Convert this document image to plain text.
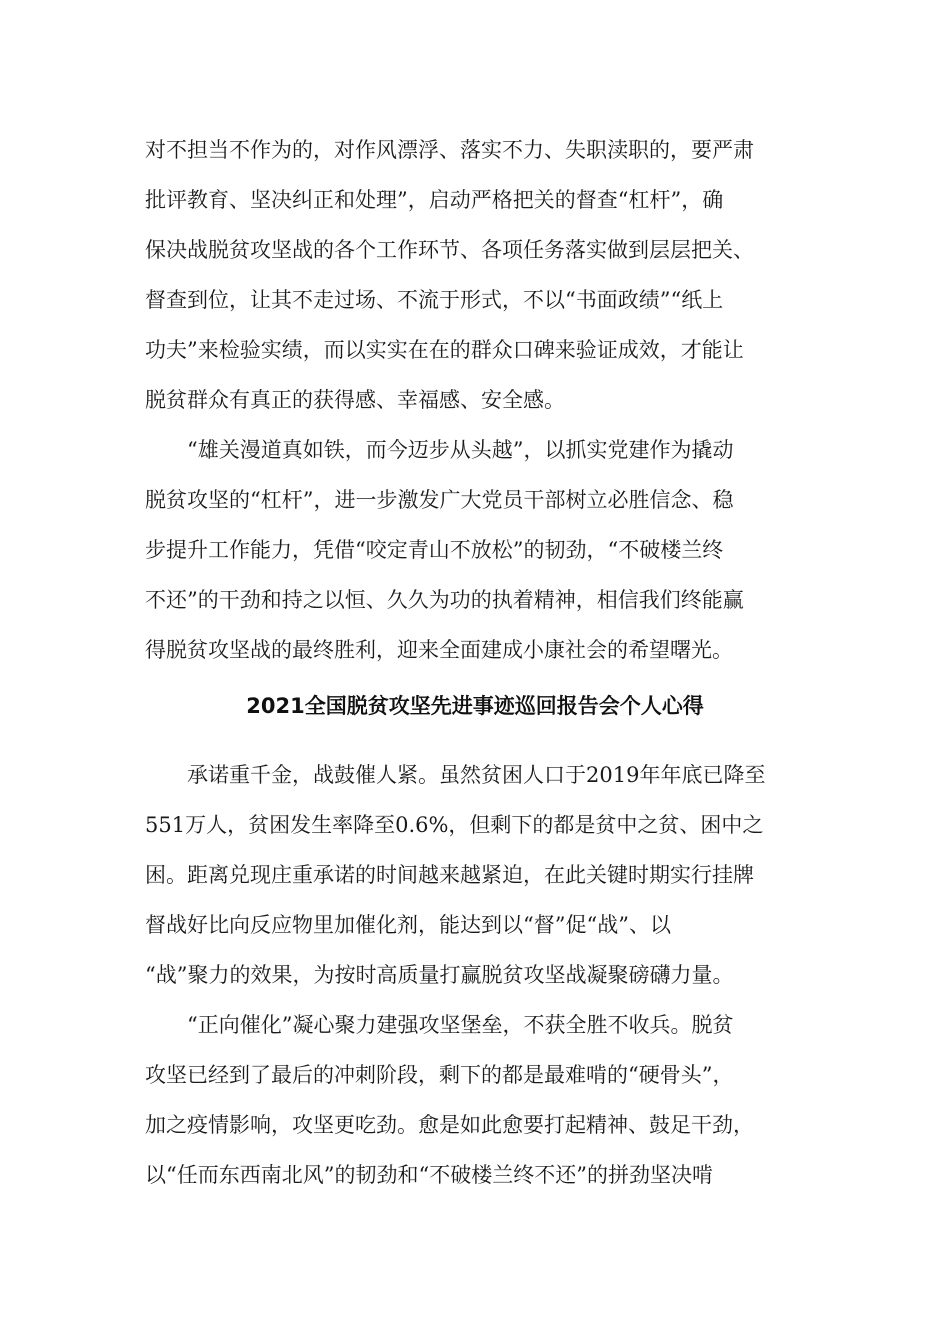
对不担当不作为的，对作风漂浮、落实不力、失职渎职的，要严肃
批评教育、坚决纠正和处理”，启动严格把关的督查“杠杆”，确
保决战脱贫攻坚战的各个工作环节、各项任务落实做到层层把关、
督查到位，让其不走过场、不流于形式，不以“书面政绩”“纸上
功夫”来检验实绩，而以实实在在的群众口碑来验证成效，才能让
脱贫群众有真正的获得感、幸福感、安全感。
“雄关漫道真如铁，而今迈步从头越”，以抓实党建作为撬动
脱贫攻坚的“杠杆”，进一步激发广大党员干部树立必胜信念、稳
步提升工作能力，凭借“咬定青山不放松”的韧劲，“不破楼兰终
不还”的干劲和持之以恒、久久为功的执着精神，相信我们终能赢
得脱贫攻坚战的最终胜利，迎来全面建成小康社会的希望曙光。
2021全国脱贫攻坚先进事迹巡回报告会个人心得
承诺重千金，战鼓催人紧。虽然贫困人口于2019年年底已降至
551万人，贫困发生率降至0.6%，但剩下的都是贫中之贫、困中之
困。距离兑现庄重承诺的时间越来越紧迫，在此关键时期实行挂牌
督战好比向反应物里加催化剂，能达到以“督”促“战”、以
“战”聚力的效果，为按时高质量打赢脱贫攻坚战凝聚磅礴力量。
“正向催化”凝心聚力建强攻坚堡垒，不获全胜不收兵。脱贫
攻坚已经到了最后的冲刺阶段，剩下的都是最难啃的“硬骨头”，
加之疫情影响，攻坚更吃劲。愈是如此愈要打起精神、鼓足干劲，
以“任而东西南北风”的韧劲和“不破楼兰终不还”的拼劲坚决啃
